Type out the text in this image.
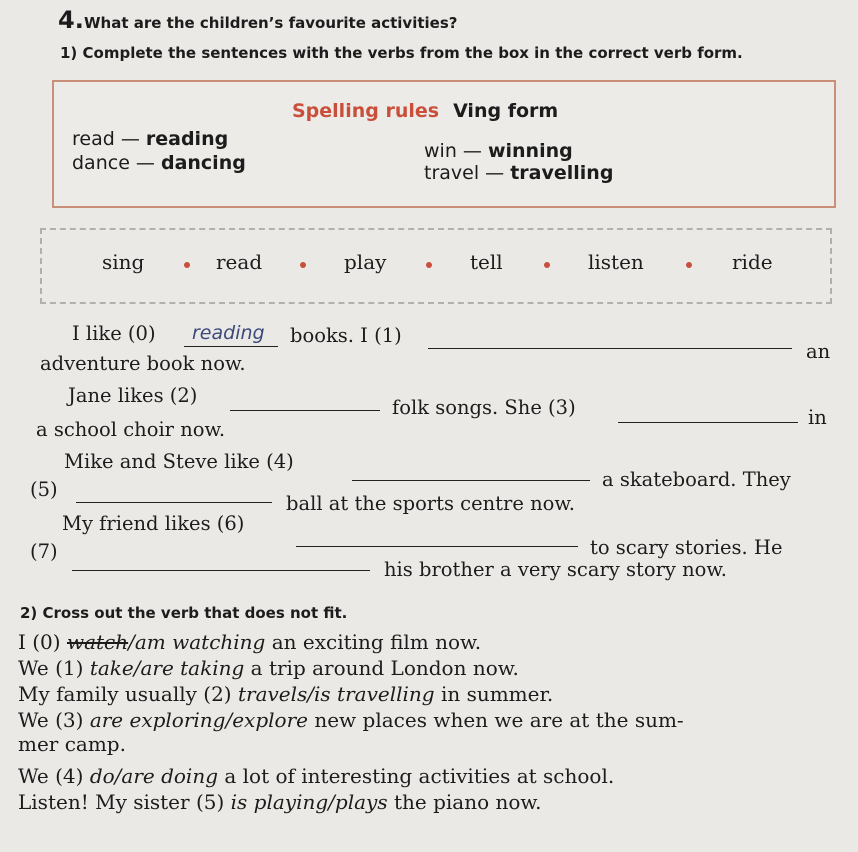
4. What are the children’s favourite activities?
1) Complete the sentences with the verbs from the box in the correct verb form.
Spelling rules Ving form
read — reading
dance — dancing
win — winning
travel — travelling
sing	read	play	tell	listen	ride
I like (0) reading books. I (1)
an
adventure book now.
Jane likes (2)
folk songs. She (3)	in
a school choir now.
Mike and Steve like (4)
a skateboard. They
(5)
ball at the sports centre now.
My friend likes (6)
to scary stories. He
(7)
his brother a very scary story now.
2) Cross out the verb that does not fit.
I (0) watch/am watching an exciting film now.
We (1) take/are taking a trip around London now.
My family usually (2) travels/is travelling in summer.
We (3) are exploring/explore new places when we are at the sum-
mer camp.
We (4) do/are doing a lot of interesting activities at school.
Listen! My sister (5) is playing/plays the piano now.
